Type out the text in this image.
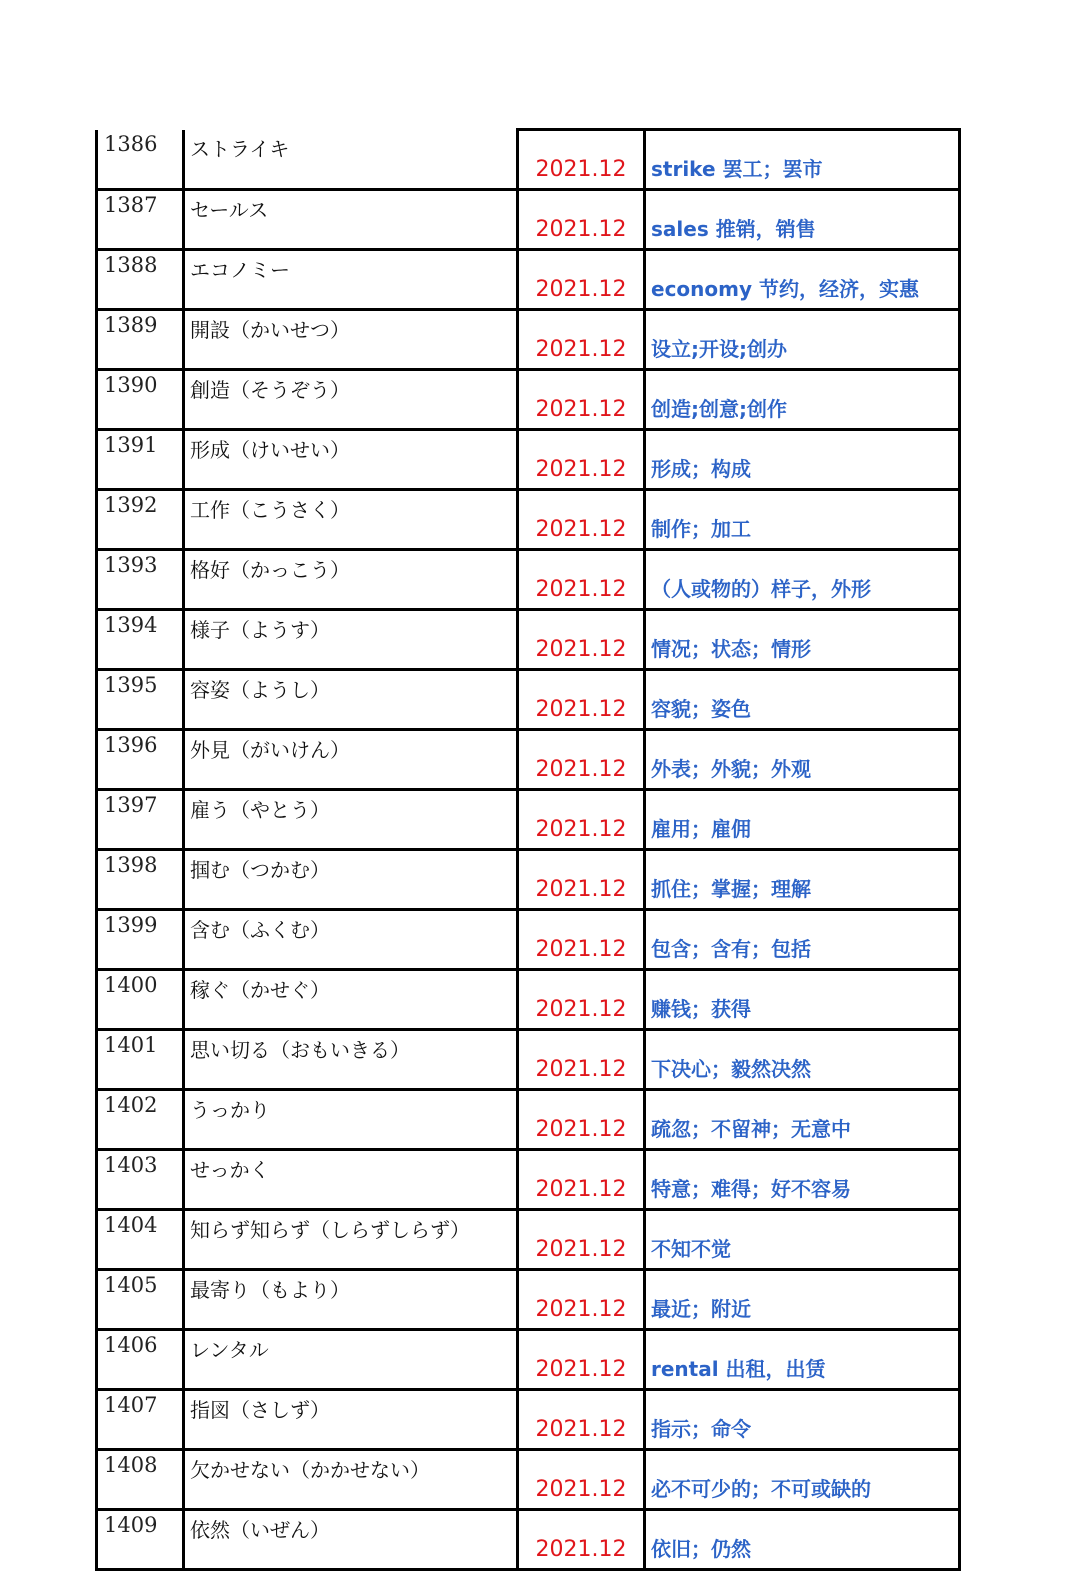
1386	ストライキ	2021.12	strike 罢工；罢市
1387	セールス	2021.12	sales 推销，销售
1388	エコノミー	2021.12	economy 节约，经济，实惠
1389	開設（かいせつ）	2021.12	设立;开设;创办
1390	創造（そうぞう）	2021.12	创造;创意;创作
1391	形成（けいせい）	2021.12	形成；构成
1392	工作（こうさく）	2021.12	制作；加工
1393	格好（かっこう）	2021.12	（人或物的）样子，外形
1394	様子（ようす）	2021.12	情况；状态；情形
1395	容姿（ようし）	2021.12	容貌；姿色
1396	外見（がいけん）	2021.12	外表；外貌；外观
1397	雇う（やとう）	2021.12	雇用；雇佣
1398	掴む（つかむ）	2021.12	抓住；掌握；理解
1399	含む（ふくむ）	2021.12	包含；含有；包括
1400	稼ぐ（かせぐ）	2021.12	赚钱；获得
1401	思い切る（おもいきる）	2021.12	下决心；毅然决然
1402	うっかり	2021.12	疏忽；不留神；无意中
1403	せっかく	2021.12	特意；难得；好不容易
1404	知らず知らず（しらずしらず）	2021.12	不知不觉
1405	最寄り（もより）	2021.12	最近；附近
1406	レンタル	2021.12	rental 出租，出赁
1407	指図（さしず）	2021.12	指示；命令
1408	欠かせない（かかせない）	2021.12	必不可少的；不可或缺的
1409	依然（いぜん）	2021.12	依旧；仍然
